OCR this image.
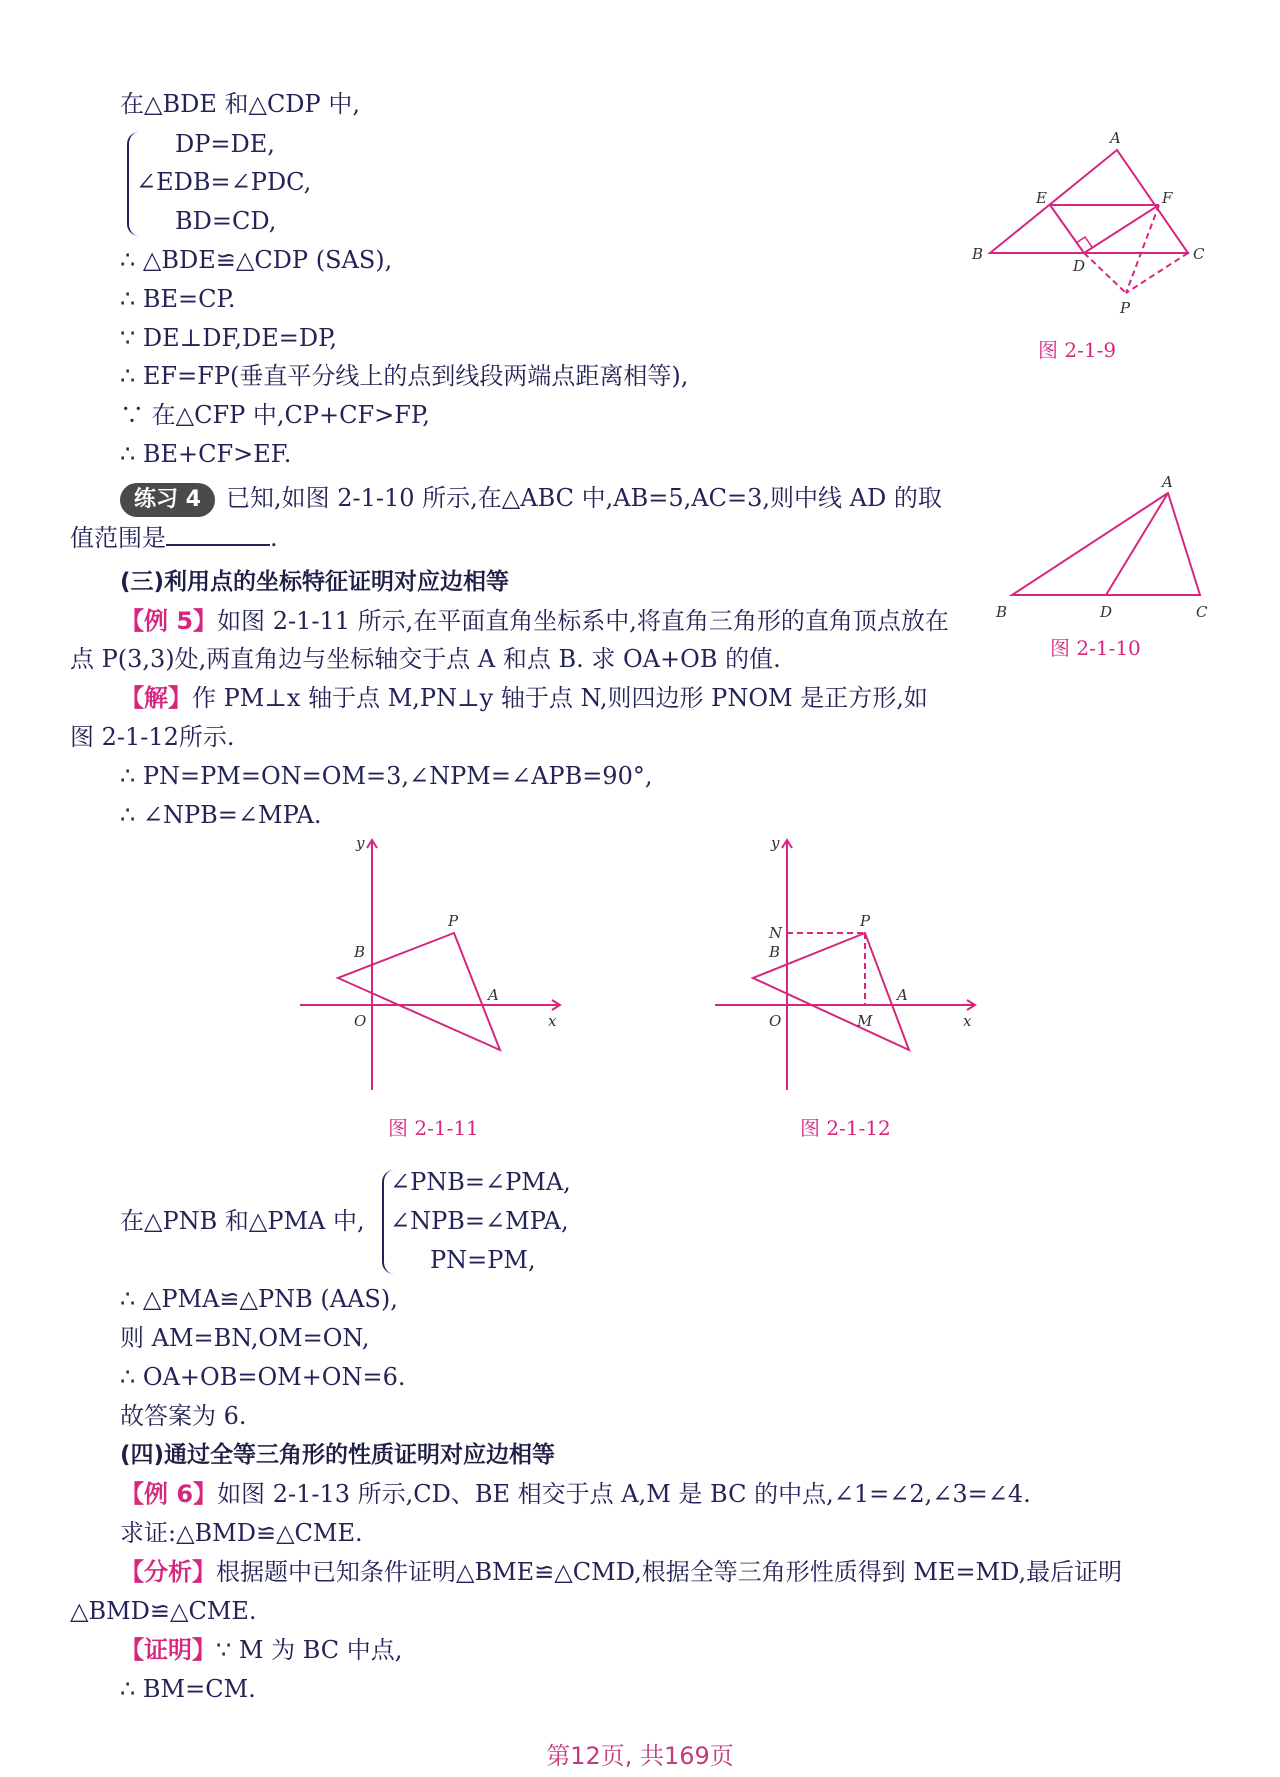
在△BDE 和△CDP 中,
DP=DE,
∠EDB=∠PDC,
BD=CD,
∴ △BDE≌△CDP (SAS),
∴ BE=CP.
∵ DE⊥DF,DE=DP,
∴ EF=FP(垂直平分线上的点到线段两端点距离相等),
∵ 在△CFP 中,CP+CF>FP,
∴ BE+CF>EF.
练习 4	已知,如图 2-1-10 所示,在△ABC 中,AB=5,AC=3,则中线 AD 的取
值范围是	.
(三)利用点的坐标特征证明对应边相等
【例 5】如图 2-1-11 所示,在平面直角坐标系中,将直角三角形的直角顶点放在
点 P(3,3)处,两直角边与坐标轴交于点 A 和点 B. 求 OA+OB 的值.
【解】作 PM⊥x 轴于点 M,PN⊥y 轴于点 N,则四边形 PNOM 是正方形,如
图 2-1-12所示.
∴ PN=PM=ON=OM=3,∠NPM=∠APB=90°,
∴ ∠NPB=∠MPA.
图 2-1-11	图 2-1-12
在△PNB 和△PMA 中,
∠PNB=∠PMA,
∠NPB=∠MPA,
PN=PM,
∴ △PMA≌△PNB (AAS),
则 AM=BN,OM=ON,
∴ OA+OB=OM+ON=6.
故答案为 6.
(四)通过全等三角形的性质证明对应边相等
【例 6】如图 2-1-13 所示,CD、BE 相交于点 A,M 是 BC 的中点,∠1=∠2,∠3=∠4.
求证:△BMD≌△CME.
【分析】根据题中已知条件证明△BME≌△CMD,根据全等三角形性质得到 ME=MD,最后证明
△BMD≌△CME.
【证明】∵ M 为 BC 中点,
∴ BM=CM.
A
E	F
B
D
C
P
图 2-1-9
A
B	D	C
图 2-1-10
y
x
O
B
P
A
y
x
O
N
B
P
A
M
第12页, 共169页
